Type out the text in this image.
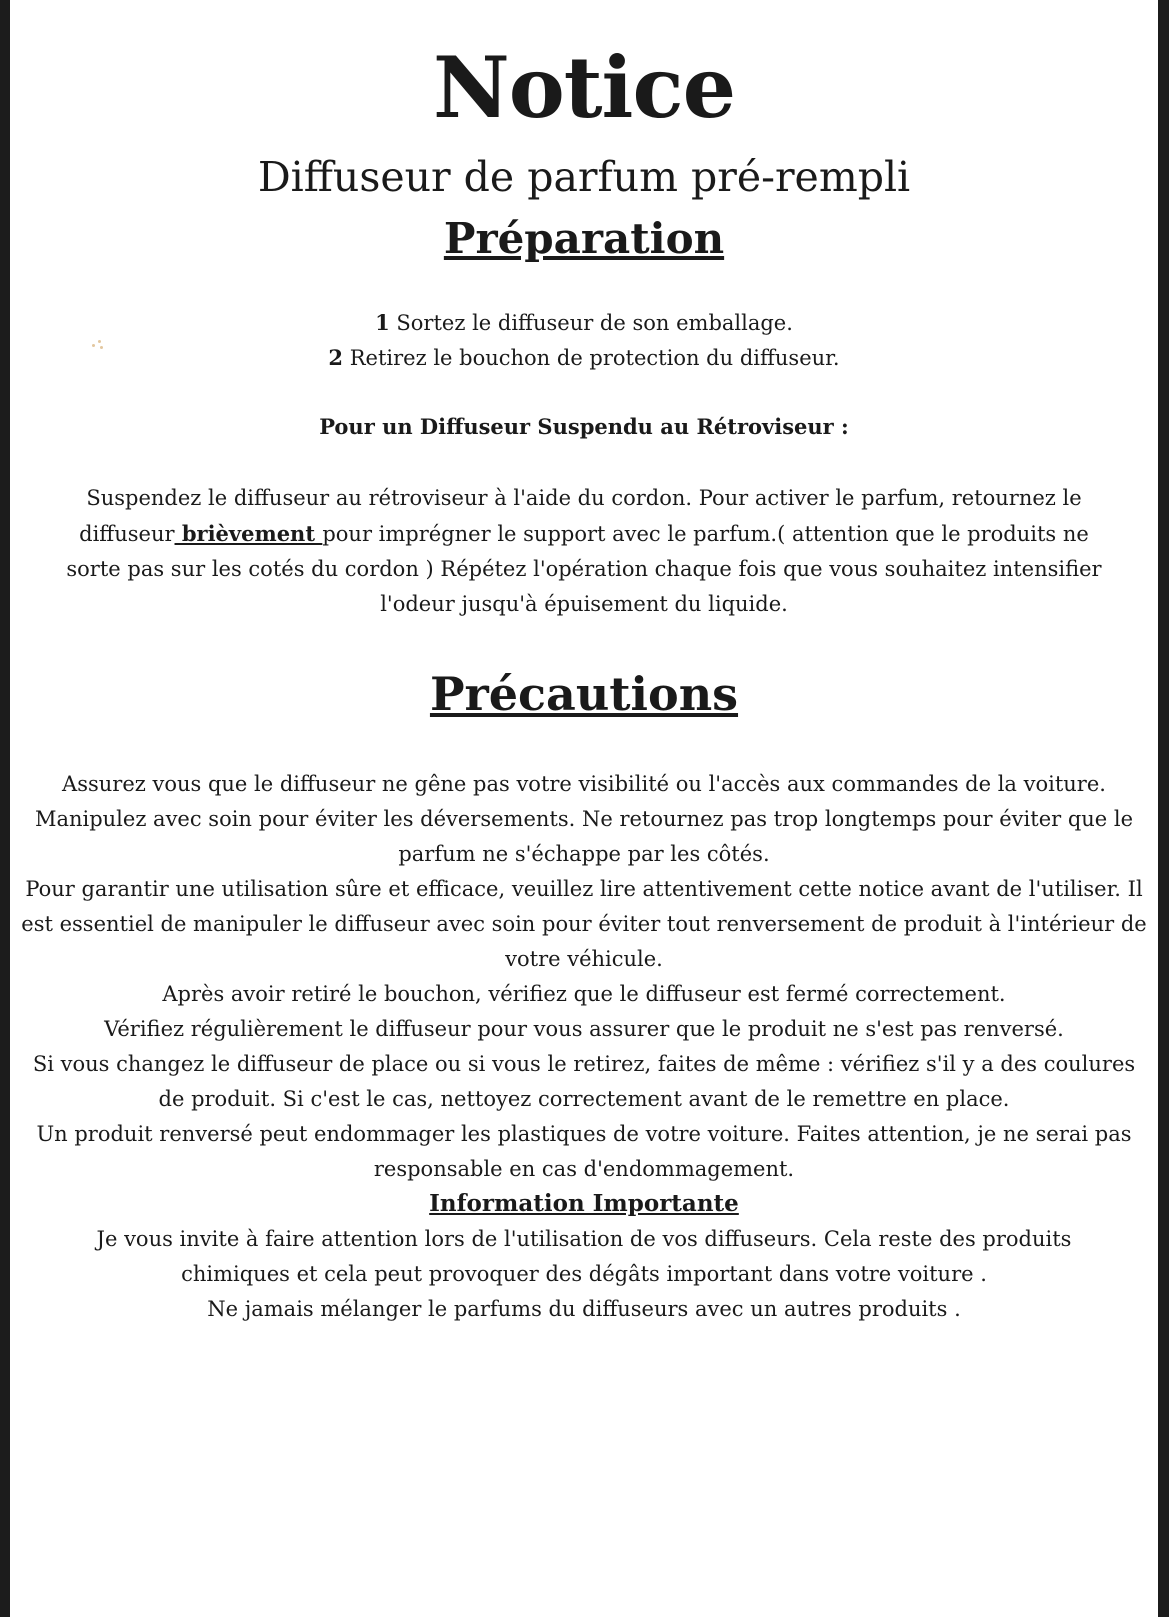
Notice
Diffuseur de parfum pré-rempli
Préparation
1 Sortez le diffuseur de son emballage.
2 Retirez le bouchon de protection du diffuseur.
Pour un Diffuseur Suspendu au Rétroviseur :
Suspendez le diffuseur au rétroviseur à l'aide du cordon. Pour activer le parfum, retournez le diffuseur brièvement pour imprégner le support avec le parfum.( attention que le produits ne sorte pas sur les cotés du cordon ) Répétez l'opération chaque fois que vous souhaitez intensifier l'odeur jusqu'à épuisement du liquide.
Précautions
Assurez vous que le diffuseur ne gêne pas votre visibilité ou l'accès aux commandes de la voiture.
Manipulez avec soin pour éviter les déversements. Ne retournez pas trop longtemps pour éviter que le parfum ne s'échappe par les côtés.
Pour garantir une utilisation sûre et efficace, veuillez lire attentivement cette notice avant de l'utiliser. Il est essentiel de manipuler le diffuseur avec soin pour éviter tout renversement de produit à l'intérieur de votre véhicule.
Après avoir retiré le bouchon, vérifiez que le diffuseur est fermé correctement.
Vérifiez régulièrement le diffuseur pour vous assurer que le produit ne s'est pas renversé.
Si vous changez le diffuseur de place ou si vous le retirez, faites de même : vérifiez s'il y a des coulures de produit. Si c'est le cas, nettoyez correctement avant de le remettre en place.
Un produit renversé peut endommager les plastiques de votre voiture. Faites attention, je ne serai pas responsable en cas d'endommagement.
Information Importante
Je vous invite à faire attention lors de l'utilisation de vos diffuseurs. Cela reste des produits chimiques et cela peut provoquer des dégâts important dans votre voiture .
Ne jamais mélanger le parfums du diffuseurs avec un autres produits .
